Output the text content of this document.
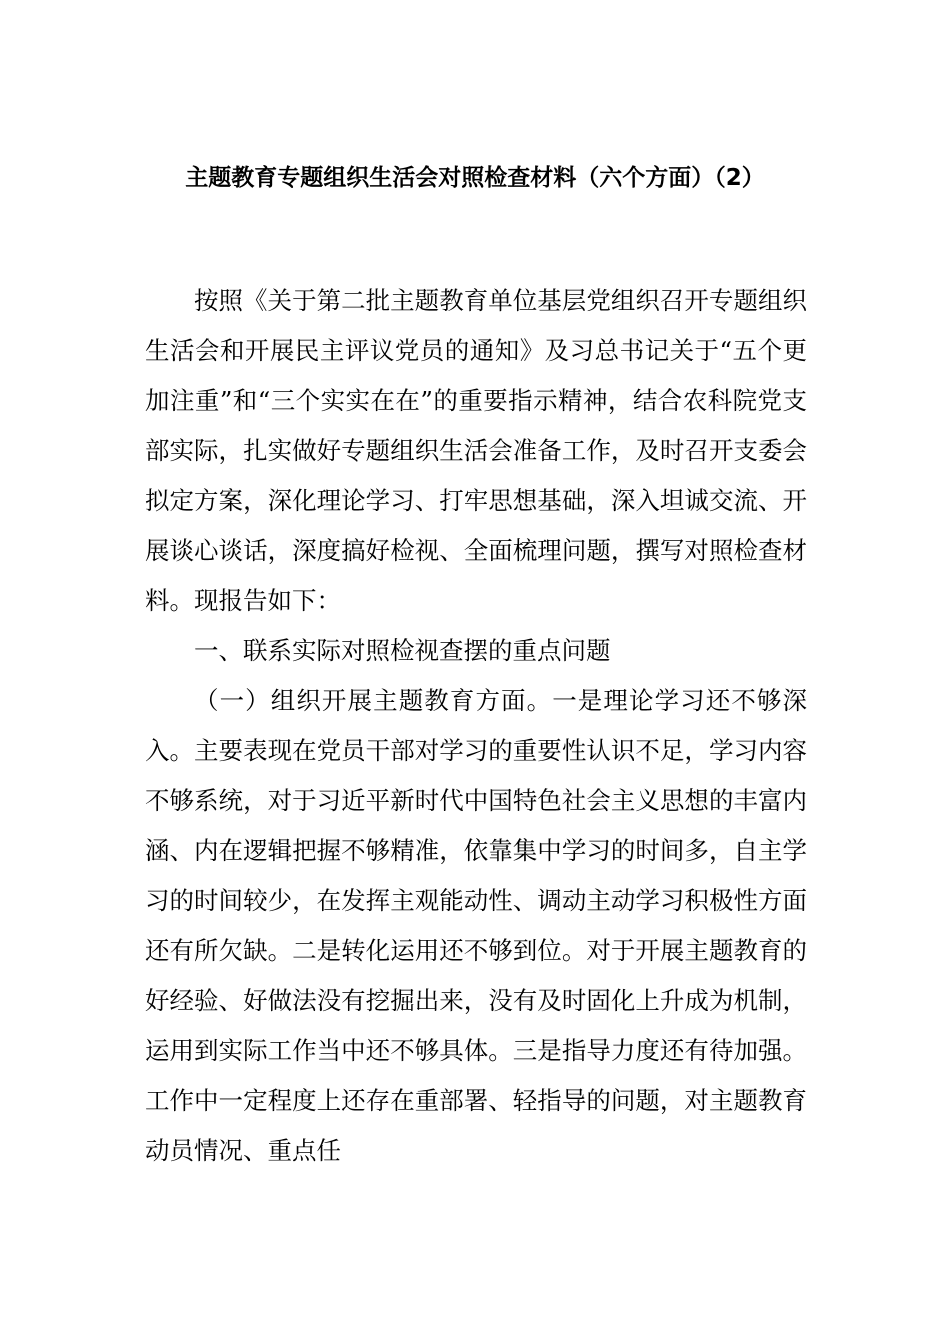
主题教育专题组织生活会对照检查材料（六个方面）（2）

按照《关于第二批主题教育单位基层党组织召开专题组织生活会和开展民主评议党员的通知》及习总书记关于“五个更加注重”和“三个实实在在”的重要指示精神，结合农科院党支部实际，扎实做好专题组织生活会准备工作，及时召开支委会拟定方案，深化理论学习、打牢思想基础，深入坦诚交流、开展谈心谈话，深度搞好检视、全面梳理问题，撰写对照检查材料。现报告如下：

一、联系实际对照检视查摆的重点问题

（一）组织开展主题教育方面。一是理论学习还不够深入。主要表现在党员干部对学习的重要性认识不足，学习内容不够系统，对于习近平新时代中国特色社会主义思想的丰富内涵、内在逻辑把握不够精准，依靠集中学习的时间多，自主学习的时间较少，在发挥主观能动性、调动主动学习积极性方面还有所欠缺。二是转化运用还不够到位。对于开展主题教育的好经验、好做法没有挖掘出来，没有及时固化上升成为机制，运用到实际工作当中还不够具体。三是指导力度还有待加强。工作中一定程度上还存在重部署、轻指导的问题，对主题教育动员情况、重点任
